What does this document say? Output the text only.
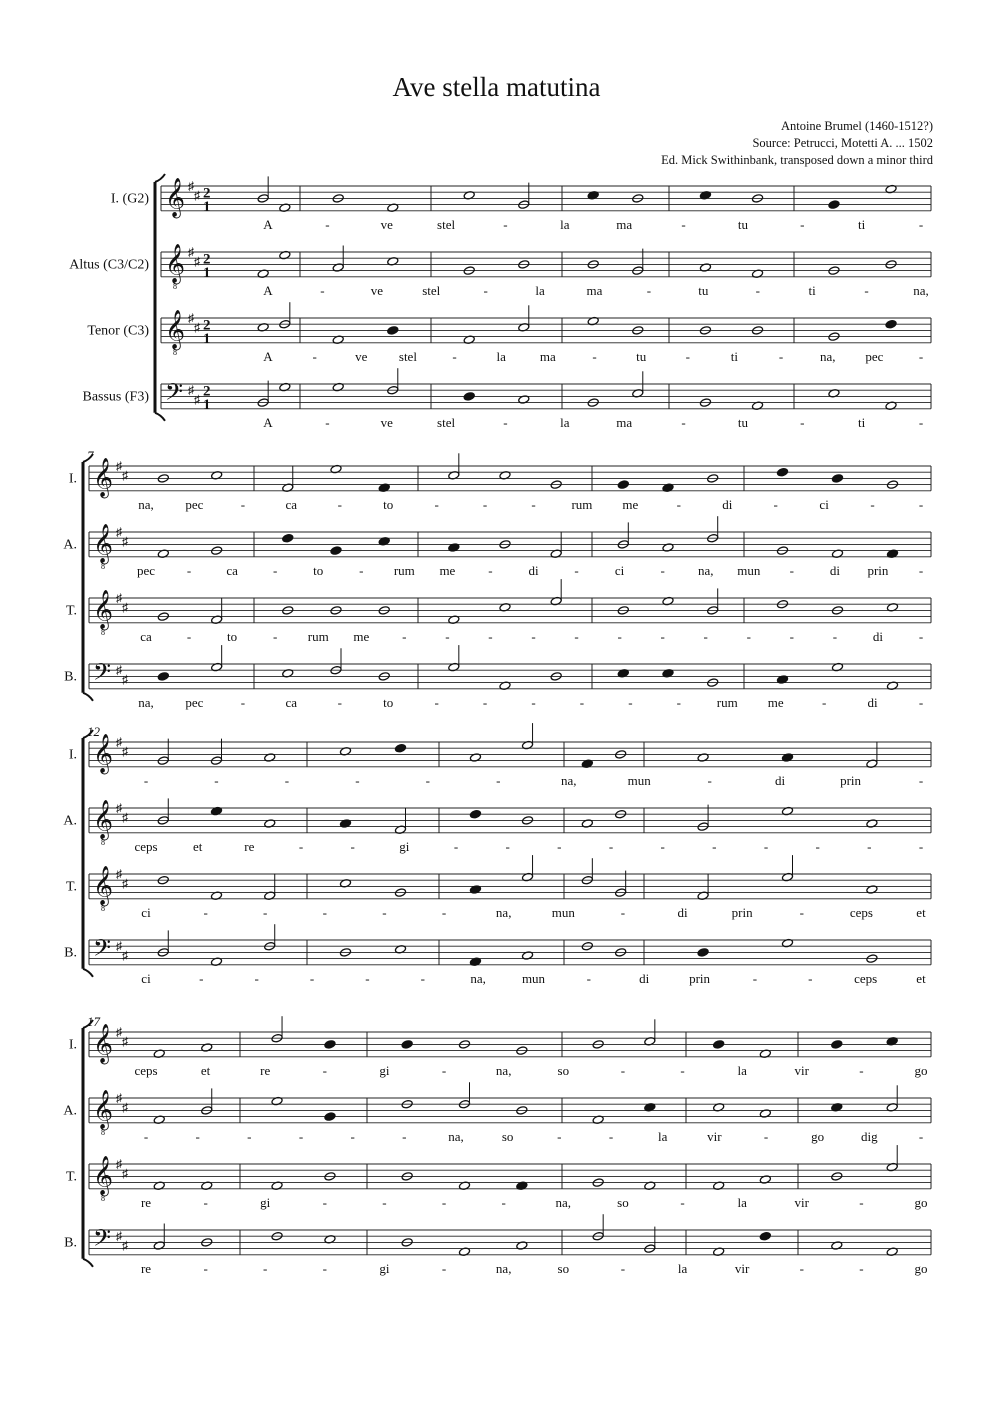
Ave stella matutina
Antoine Brumel (1460-1512?)
Source: Petrucci, Motetti A. ... 1502
Ed. Mick Swithinbank, transposed down a minor third
𝄞 ♯
♯ 2
1
I. (G2)
A	-	ve	stel	-	la	ma	-	tu	-	ti	-
𝄞
8
♯
♯ 2
1
Altus (C3/C2)
A	-	ve	stel	-	la	ma	-	tu	-	ti	-	na,
𝄞
8
♯
♯ 2
1
Tenor (C3)
A	-	ve stel	-	la	ma	-	tu	-	ti	-	na, pec	-
𝄢 ♯
♯
2
1
Bassus (F3)
A	-	ve	stel	-	la	ma	-	tu	-	ti	-
7
𝄞 ♯
♯
I.
na, pec	-	ca	-	to	-	-	-	rum me	-	di	-	ci	-	-
𝄞
8
♯
♯
A.
pec -	ca	-	to	- rum me	-	di	-	ci	-	na, mun -	di prin -
𝄞
8
♯
♯
T.
ca	-	to	- rum me	-	-	-	-	-	-	-	-	-	-	-	di	-
𝄢 ♯
♯
B.
na, pec	-	ca	-	to	-	-	-	-	-	-	rum me	-	di	-
12
𝄞 ♯
♯
I.
-	-	-	-	-	-	na,	mun	-	di	prin	-
𝄞
8
♯
♯
A.
ceps	et	re	-	-	gi	-	-	-	-	-	-	-	-	-	-
𝄞
8
♯
♯
T.
ci	-	-	-	-	-	na,	mun	-	di	prin	-	ceps	et
𝄢 ♯
♯
B.
ci	-	-	-	-	-	na,	mun	-	di	prin	-	-	ceps	et
17
𝄞 ♯
♯
I.
ceps	et	re	-	gi	-	na,	so	-	-	la	vir	-	go
𝄞
8
♯
♯
A.
-	-	-	-	-	-	na,	so	-	-	la	vir	-	go	dig	-
𝄞
8
♯
♯
T.
re	-	gi	-	-	-	-	na,	so	-	la	vir	-	go
𝄢 ♯
♯
B.
re	-	-	-	gi	-	na,	so	-	la	vir	-	-	go
